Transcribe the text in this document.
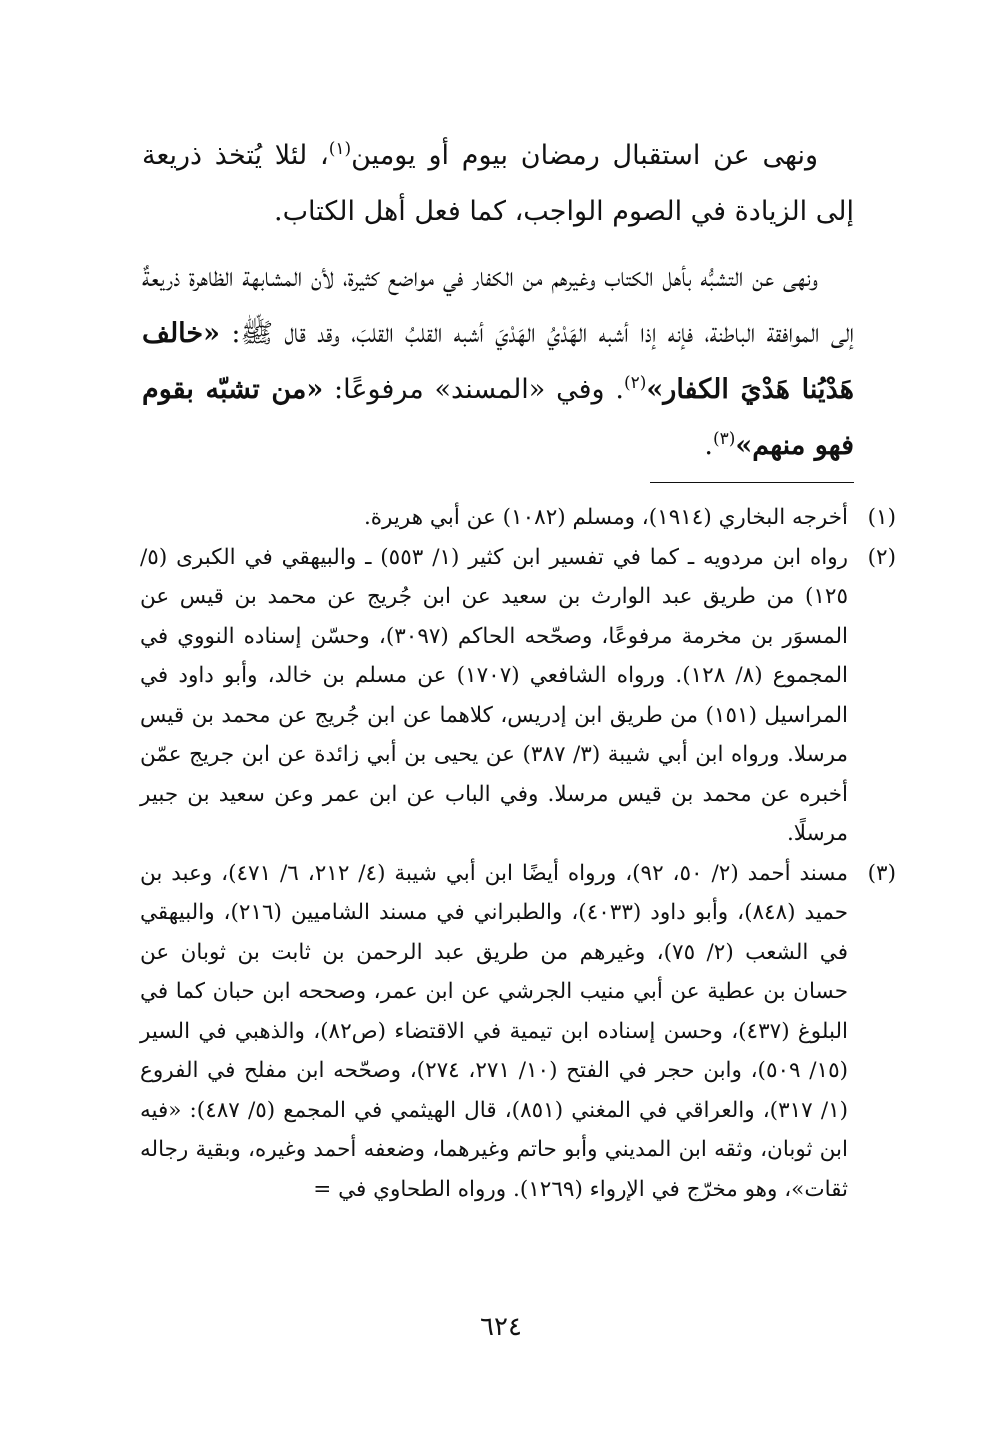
ونهى عن استقبال رمضان بيوم أو يومين$^{(١)}$، لئلا يُتخذ ذريعة إلى الزيادة في الصوم الواجب، كما فعل أهل الكتاب.

ونهى عن التشبُّه بأهل الكتاب وغيرهم من الكفار في مواضع كثيرة، لأن المشابهة الظاهرة ذريعةٌ إلى الموافقة الباطنة، فإنه إذا أشبه الهَدْيُ الهَدْيَ أشبه القلبُ القلبَ، وقد قال ﷺ: «خالف هَدْيُنا هَدْيَ الكفار»$^{(٢)}$. وفي «المسند» مرفوعًا: «من تشبّه بقوم فهو منهم»$^{(٣)}$.

(١)
أخرجه البخاري (١٩١٤)، ومسلم (١٠٨٢) عن أبي هريرة.
(٢)
رواه ابن مردويه ـ كما في تفسير ابن كثير (١/ ٥٥٣) ـ والبيهقي في الكبرى (٥/ ١٢٥) من طريق عبد الوارث بن سعيد عن ابن جُريج عن محمد بن قيس عن المسوَر بن مخرمة مرفوعًا، وصحّحه الحاكم (٣٠٩٧)، وحسّن إسناده النووي في المجموع (٨/ ١٢٨). ورواه الشافعي (١٧٠٧) عن مسلم بن خالد، وأبو داود في المراسيل (١٥١) من طريق ابن إدريس، كلاهما عن ابن جُريج عن محمد بن قيس مرسلا. ورواه ابن أبي شيبة (٣/ ٣٨٧) عن يحيى بن أبي زائدة عن ابن جريج عمّن أخبره عن محمد بن قيس مرسلا. وفي الباب عن ابن عمر وعن سعيد بن جبير مرسلًا.
(٣)
مسند أحمد (٢/ ٥٠، ٩٢)، ورواه أيضًا ابن أبي شيبة (٤/ ٢١٢، ٦/ ٤٧١)، وعبد بن حميد (٨٤٨)، وأبو داود (٤٠٣٣)، والطبراني في مسند الشاميين (٢١٦)، والبيهقي في الشعب (٢/ ٧٥)، وغيرهم من طريق عبد الرحمن بن ثابت بن ثوبان عن حسان بن عطية عن أبي منيب الجرشي عن ابن عمر، وصححه ابن حبان كما في البلوغ (٤٣٧)، وحسن إسناده ابن تيمية في الاقتضاء (ص٨٢)، والذهبي في السير (١٥/ ٥٠٩)، وابن حجر في الفتح (١٠/ ٢٧١، ٢٧٤)، وصحّحه ابن مفلح في الفروع (١/ ٣١٧)، والعراقي في المغني (٨٥١)، قال الهيثمي في المجمع (٥/ ٤٨٧): «فيه ابن ثوبان، وثقه ابن المديني وأبو حاتم وغيرهما، وضعفه أحمد وغيره، وبقية رجاله ثقات»، وهو مخرّج في الإرواء (١٢٦٩). ورواه الطحاوي في =
٦٢٤
